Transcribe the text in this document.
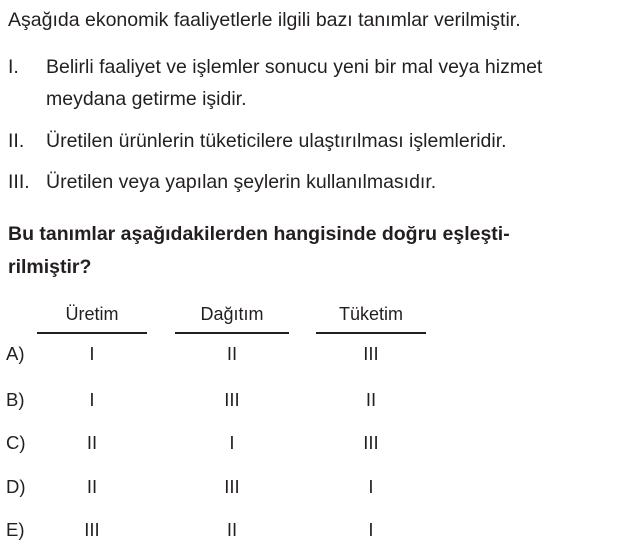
Aşağıda ekonomik faaliyetlerle ilgili bazı tanımlar verilmiştir.
I. Belirli faaliyet ve işlemler sonucu yeni bir mal veya hizmet
meydana getirme işidir.
II. Üretilen ürünlerin tüketicilere ulaştırılması işlemleridir.
III. Üretilen veya yapılan şeylerin kullanılmasıdır.
Bu tanımlar aşağıdakilerden hangisinde doğru eşleşti-
rilmiştir?
Üretim	Dağıtım	Tüketim
A)	I	II	III
B)	I	III	II
C)	II	I	III
D)	II	III	I
E)	III	II	I
